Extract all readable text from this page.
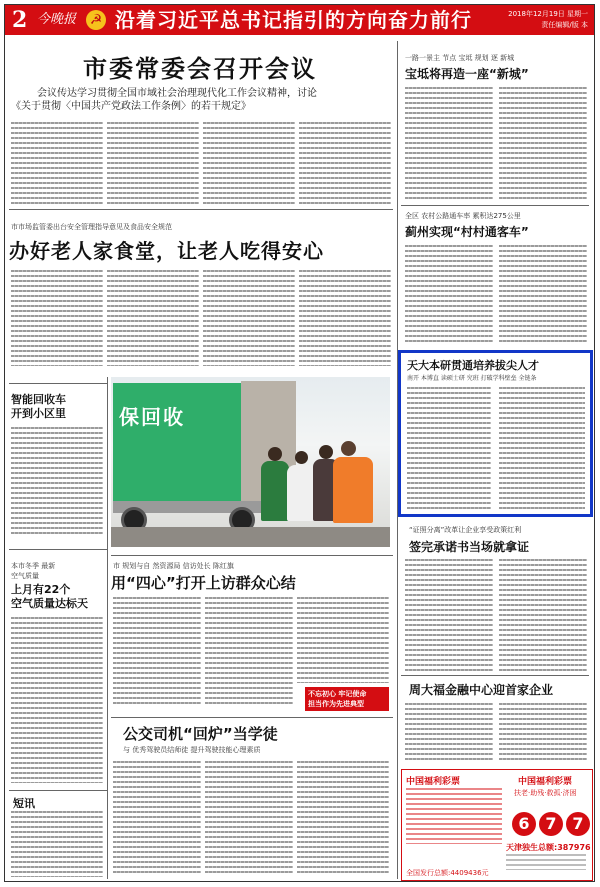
2 今晚报 ☭ 沿着习近平总书记指引的方向奋力前行	2018年12月19日 星期一
责任编辑/版 本
市委常委会召开会议
会议传达学习贯彻全国市域社会治理现代化工作会议精神，讨论
《关于贯彻〈中国共产党政法工作条例〉的若干规定》
市市场监管委出台安全管理指导意见及食品安全规范
办好老人家食堂，让老人吃得安心
智能回收车
开到小区里
本市冬季 最新
空气质量
上月有22个
空气质量达标天
短讯
保回收
市 规划与自 然资源局 信访处长 陈红旗
用“四心”打开上访群众心结
不忘初心 牢记使命
担当作为先进典型
公交司机“回炉”当学徒
与 优秀驾驶员结师徒 提升驾驶技能心理素质
一路一景主 节点 宝坻 规划 逐 新城
宝坻将再造一座“新城”
全区 农村公路通车率 累积达275公里
蓟州实现“村村通客车”
天大本研贯通培养拔尖人才
南开 本博直 读硕士研 究班 打破学科壁垒 全链条
“证照分离”改革让企业享受政策红利
签完承诺书当场就拿证
周大福金融中心迎首家企业
中国福利彩票	中国福利彩票
扶老·助残·救孤·济困
6 7 7
天津独生总额:387976
全国发行总额:4409436元
